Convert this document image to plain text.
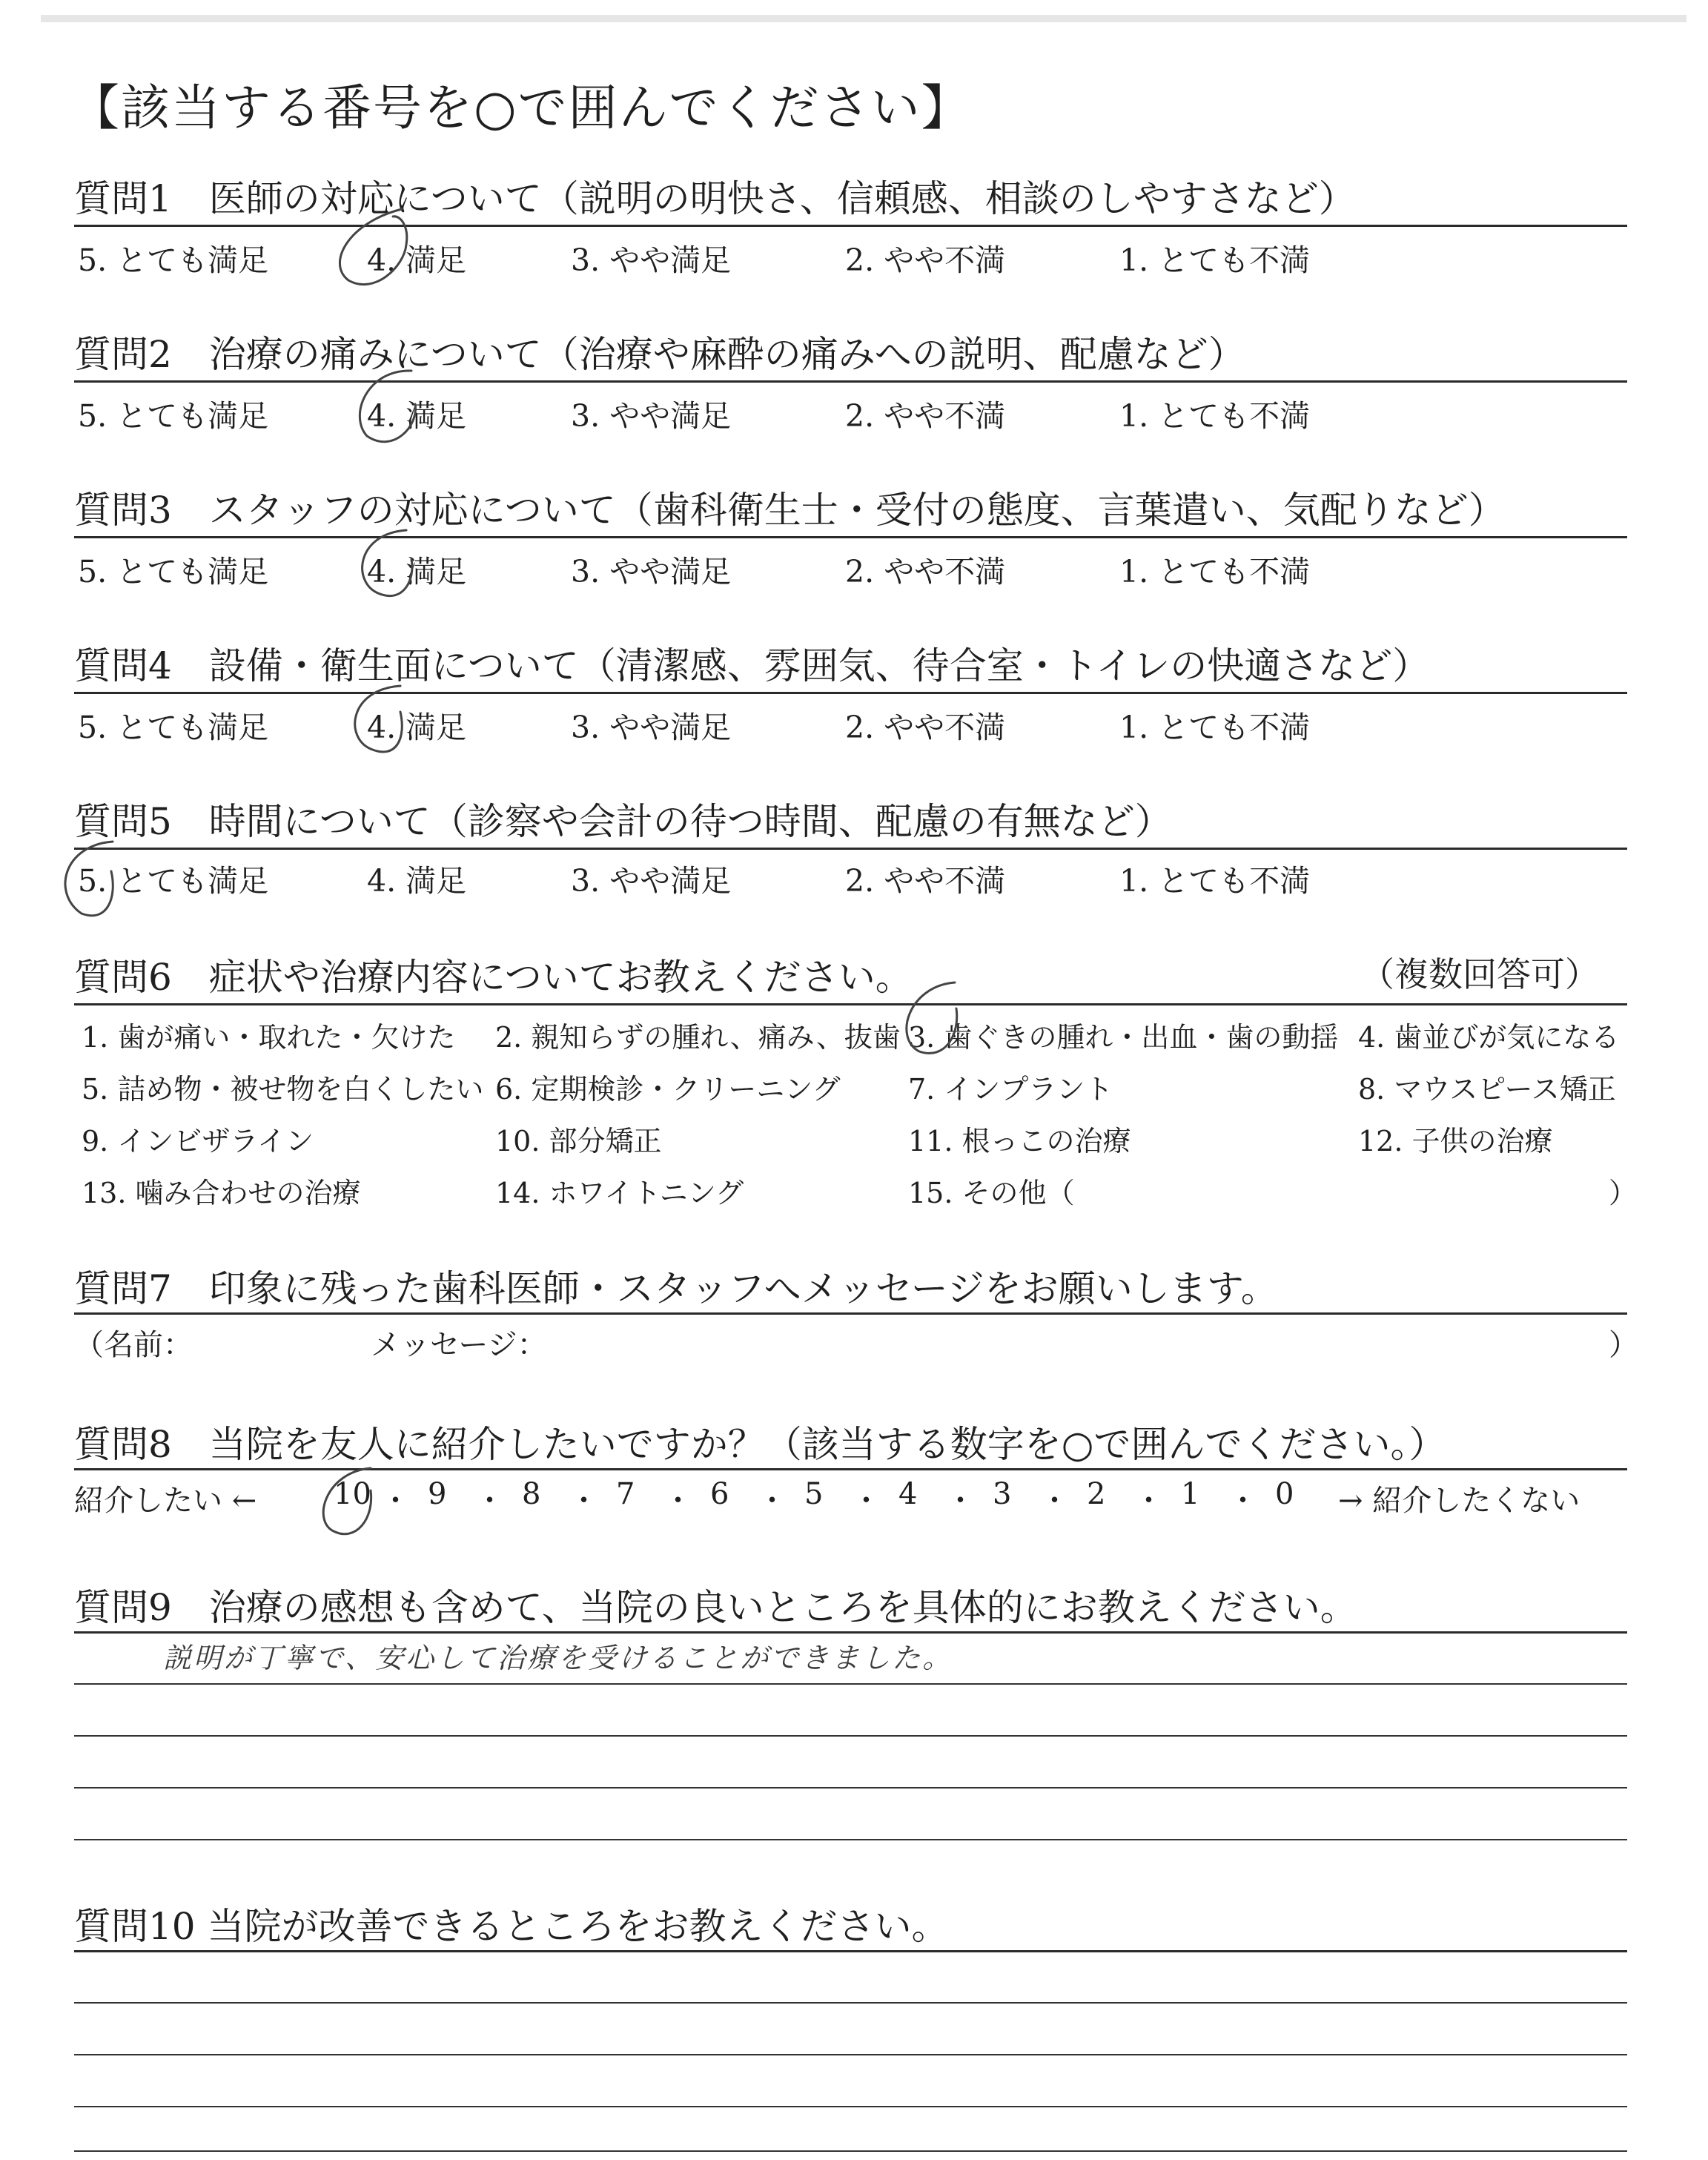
【該当する番号を○で囲んでください】
質問1　医師の対応について（説明の明快さ、信頼感、相談のしやすさなど）
5. とても満足	4. 満足	3. やや満足	2. やや不満	1. とても不満
質問2　治療の痛みについて（治療や麻酔の痛みへの説明、配慮など）
5. とても満足	4. 満足	3. やや満足	2. やや不満	1. とても不満
質問3　スタッフの対応について（歯科衛生士・受付の態度、言葉遣い、気配りなど）
5. とても満足	4. 満足	3. やや満足	2. やや不満	1. とても不満
質問4　設備・衛生面について（清潔感、雰囲気、待合室・トイレの快適さなど）
5. とても満足	4. 満足	3. やや満足	2. やや不満	1. とても不満
質問5　時間について（診察や会計の待つ時間、配慮の有無など）
5. とても満足	4. 満足	3. やや満足	2. やや不満	1. とても不満
質問6　症状や治療内容についてお教えください。	（複数回答可）
1. 歯が痛い・取れた・欠けた 2. 親知らずの腫れ、痛み、抜歯 3. 歯ぐきの腫れ・出血・歯の動揺 4. 歯並びが気になる
5. 詰め物・被せ物を白くしたい 6. 定期検診・クリーニング 7. インプラント	8. マウスピース矯正
9. インビザライン	10. 部分矯正	11. 根っこの治療	12. 子供の治療
13. 噛み合わせの治療	14. ホワイトニング	15. その他（	）
質問7　印象に残った歯科医師・スタッフへメッセージをお願いします。
（名前：	メッセージ：	）
質問8　当院を友人に紹介したいですか？（該当する数字を○で囲んでください。）
紹介したい ←	→ 紹介したくない
10 ・ 9 ・ 8 ・ 7 ・ 6 ・ 5 ・ 4 ・ 3 ・ 2 ・ 1 ・ 0
質問9　治療の感想も含めて、当院の良いところを具体的にお教えください。
説明が丁寧で、安心して治療を受けることができました。
質問10 当院が改善できるところをお教えください。
